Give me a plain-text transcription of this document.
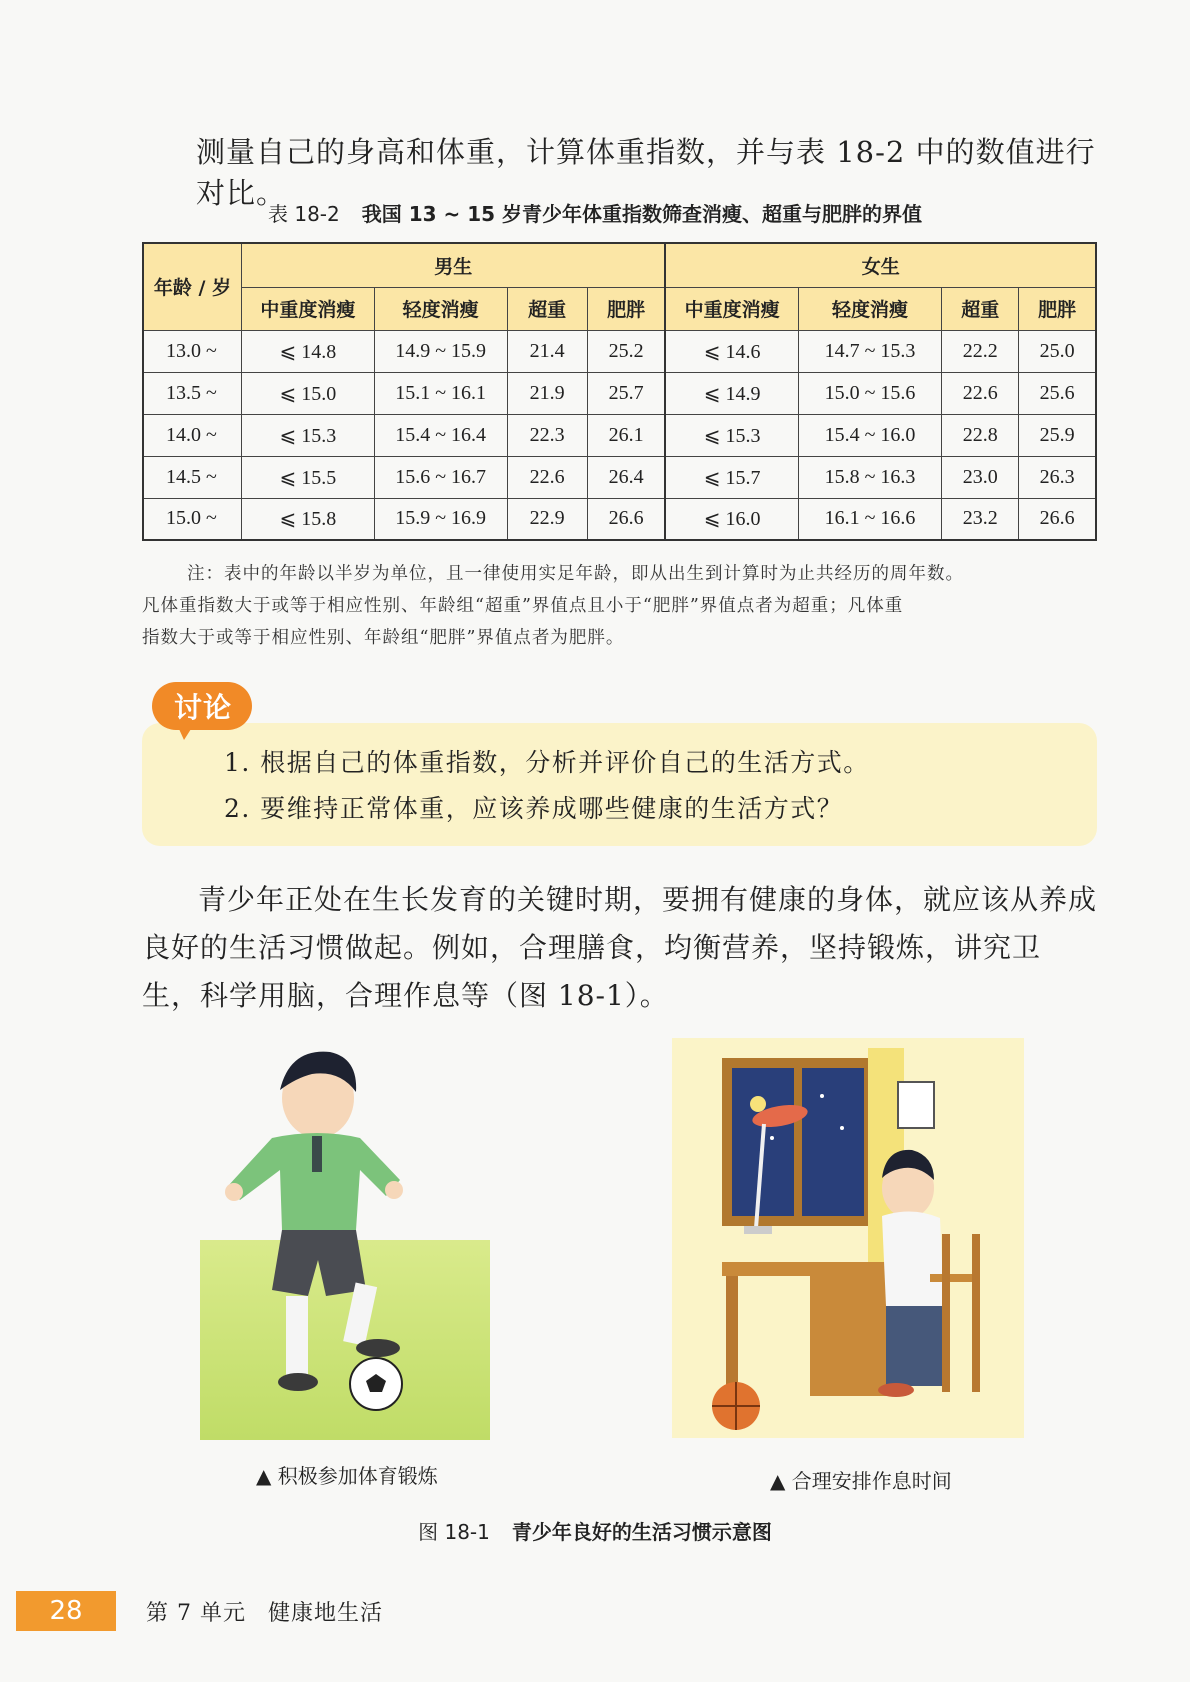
测量自己的身高和体重，计算体重指数，并与表 18-2 中的数值进行对比。
表 18-2 我国 13 ~ 15 岁青少年体重指数筛查消瘦、超重与肥胖的界值
年龄 / 岁	男生				女生			
	中重度消瘦	轻度消瘦	超重	肥胖	中重度消瘦	轻度消瘦	超重	肥胖
13.0 ~	⩽ 14.8	14.9 ~ 15.9	21.4	25.2	⩽ 14.6	14.7 ~ 15.3	22.2	25.0
13.5 ~	⩽ 15.0	15.1 ~ 16.1	21.9	25.7	⩽ 14.9	15.0 ~ 15.6	22.6	25.6
14.0 ~	⩽ 15.3	15.4 ~ 16.4	22.3	26.1	⩽ 15.3	15.4 ~ 16.0	22.8	25.9
14.5 ~	⩽ 15.5	15.6 ~ 16.7	22.6	26.4	⩽ 15.7	15.8 ~ 16.3	23.0	26.3
15.0 ~	⩽ 15.8	15.9 ~ 16.9	22.9	26.6	⩽ 16.0	16.1 ~ 16.6	23.2	26.6
注：表中的年龄以半岁为单位，且一律使用实足年龄，即从出生到计算时为止共经历的周年数。
凡体重指数大于或等于相应性别、年龄组“超重”界值点且小于“肥胖”界值点者为超重；凡体重
指数大于或等于相应性别、年龄组“肥胖”界值点者为肥胖。
讨论
1. 根据自己的体重指数，分析并评价自己的生活方式。
2. 要维持正常体重，应该养成哪些健康的生活方式？
青少年正处在生长发育的关键时期，要拥有健康的身体，就应该从养成良好的生活习惯做起。例如，合理膳食，均衡营养，坚持锻炼，讲究卫生，科学用脑，合理作息等（图 18-1）。
▲ 积极参加体育锻炼	▲ 合理安排作息时间
图 18-1 青少年良好的生活习惯示意图
28	第 7 单元 健康地生活
